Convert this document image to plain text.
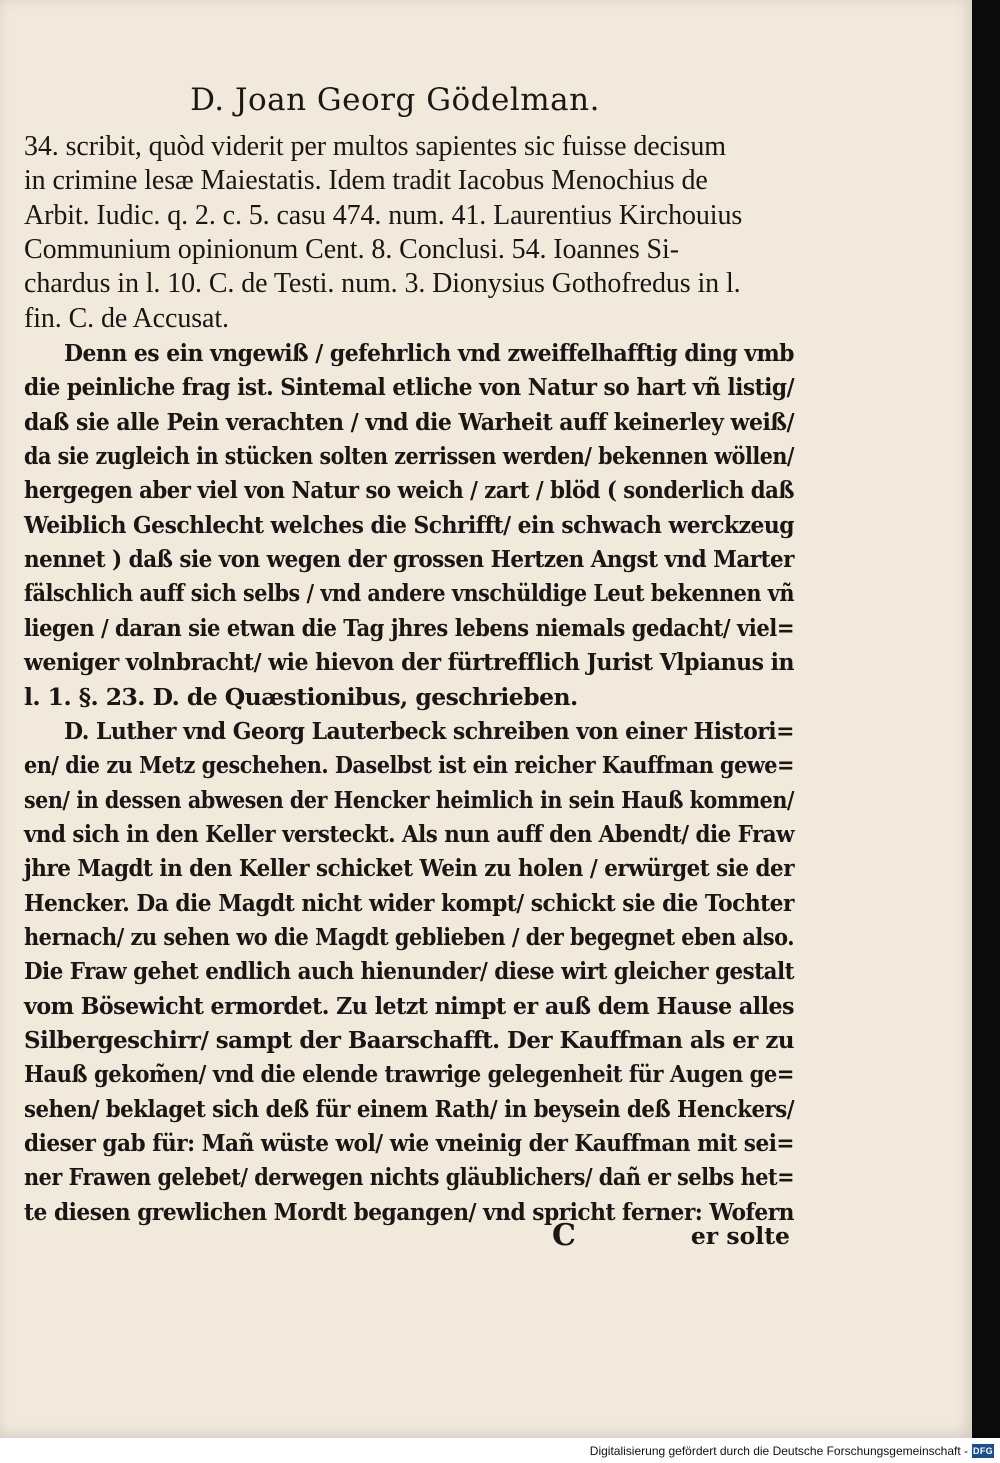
D. Joan Georg Gödelman.
34. scribit, quòd viderit per multos sapientes sic fuisse decisum
in crimine lesæ Maiestatis. Idem tradit Iacobus Menochius de
Arbit. Iudic. q. 2. c. 5. casu 474. num. 41. Laurentius Kirchouius
Communium opinionum Cent. 8. Conclusi. 54. Ioannes Si-
chardus in l. 10. C. de Testi. num. 3. Dionysius Gothofredus in l.
fin. C. de Accusat.
Denn es ein vngewiß / gefehrlich vnd zweiffelhafftig ding vmb
die peinliche frag ist. Sintemal etliche von Natur so hart vñ listig/
daß sie alle Pein verachten / vnd die Warheit auff keinerley weiß/
da sie zugleich in stücken solten zerrissen werden/ bekennen wöllen/
hergegen aber viel von Natur so weich / zart / blöd ( sonderlich daß
Weiblich Geschlecht welches die Schrifft/ ein schwach werckzeug
nennet ) daß sie von wegen der grossen Hertzen Angst vnd Marter
fälschlich auff sich selbs / vnd andere vnschüldige Leut bekennen vñ
liegen / daran sie etwan die Tag jhres lebens niemals gedacht/ viel=
weniger volnbracht/ wie hievon der fürtrefflich Jurist Vlpianus in
l. 1. §. 23. D. de Quæstionibus, geschrieben.
D. Luther vnd Georg Lauterbeck schreiben von einer Histori=
en/ die zu Metz geschehen. Daselbst ist ein reicher Kauffman gewe=
sen/ in dessen abwesen der Hencker heimlich in sein Hauß kommen/
vnd sich in den Keller versteckt. Als nun auff den Abendt/ die Fraw
jhre Magdt in den Keller schicket Wein zu holen / erwürget sie der
Hencker. Da die Magdt nicht wider kompt/ schickt sie die Tochter
hernach/ zu sehen wo die Magdt geblieben / der begegnet eben also.
Die Fraw gehet endlich auch hienunder/ diese wirt gleicher gestalt
vom Bösewicht ermordet. Zu letzt nimpt er auß dem Hause alles
Silbergeschirr/ sampt der Baarschafft. Der Kauffman als er zu
Hauß gekom̃en/ vnd die elende trawrige gelegenheit für Augen ge=
sehen/ beklaget sich deß für einem Rath/ in beysein deß Henckers/
dieser gab für: Mañ wüste wol/ wie vneinig der Kauffman mit sei=
ner Frawen gelebet/ derwegen nichts gläublichers/ dañ er selbs het=
te diesen grewlichen Mordt begangen/ vnd spricht ferner: Wofern
C	er solte
Digitalisierung gefördert durch die Deutsche Forschungsgemeinschaft - DFG
